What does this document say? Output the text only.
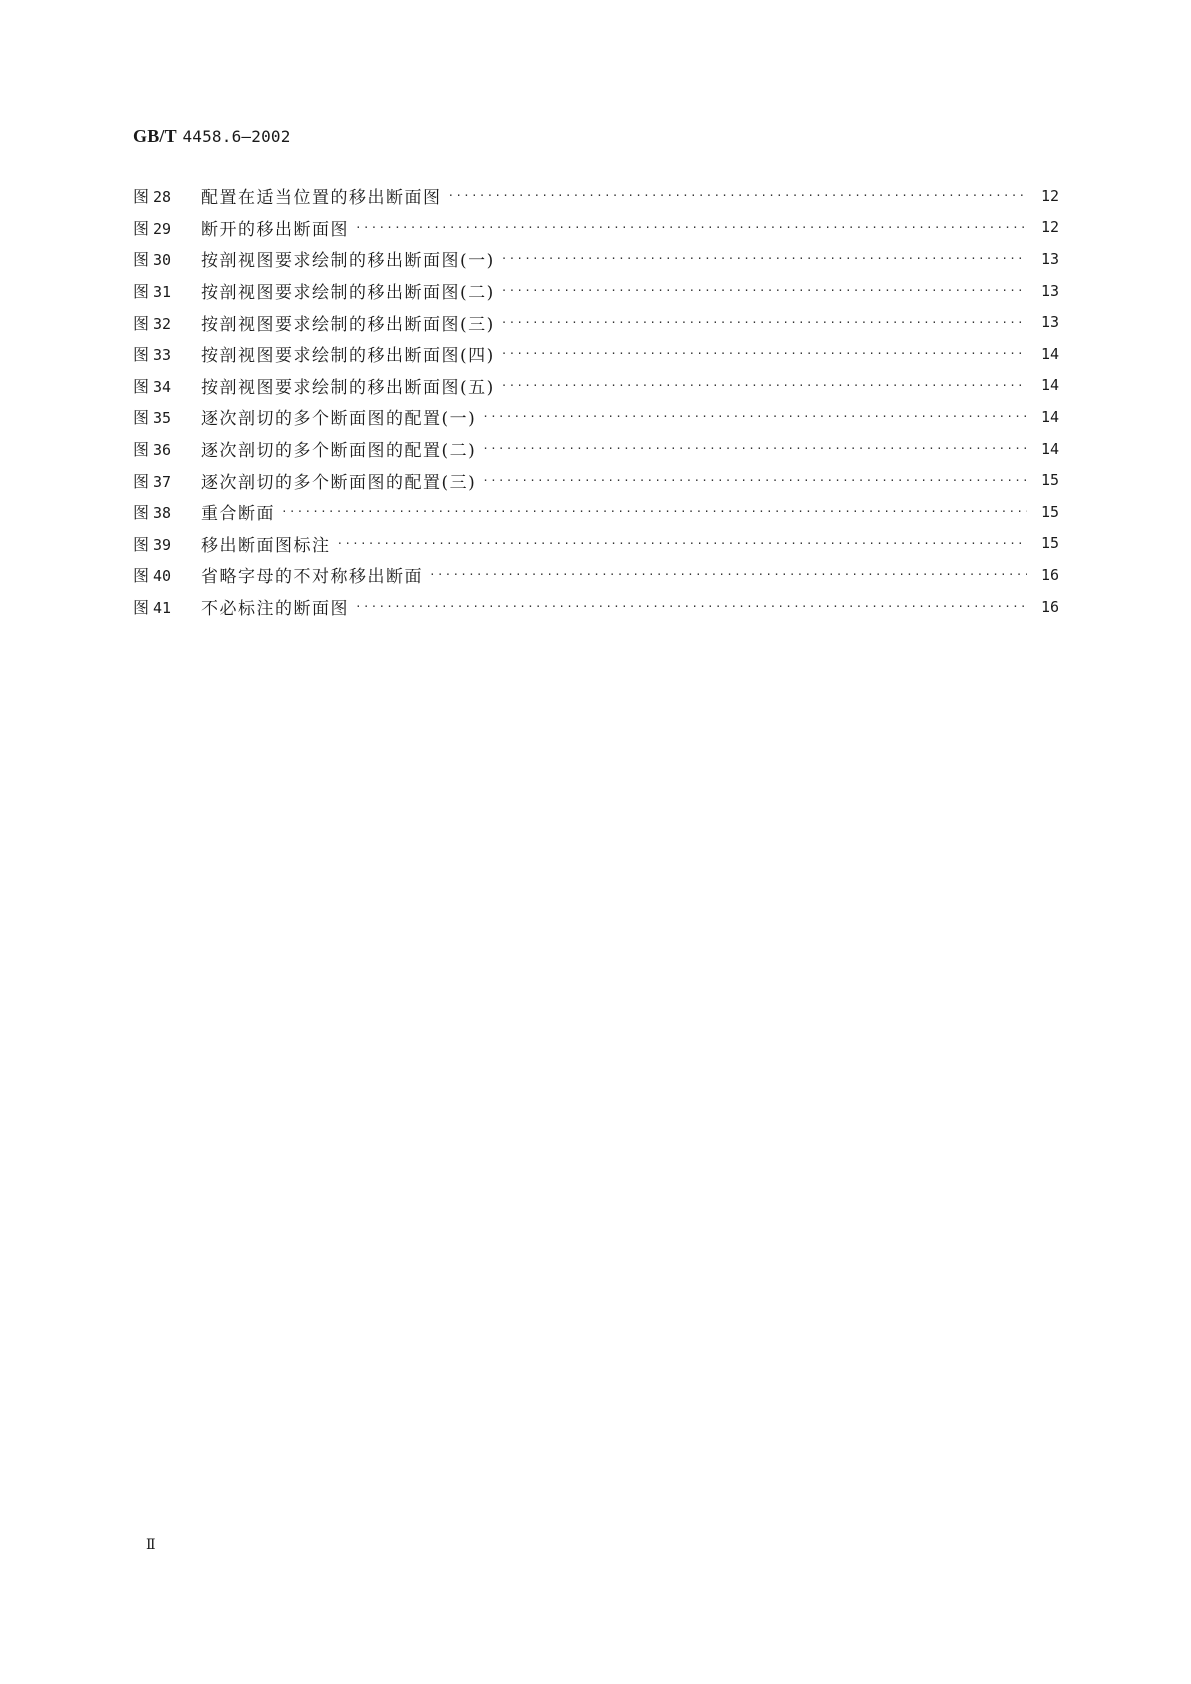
GB/T 4458.6—2002
图 28	配置在适当位置的移出断面图 ·····	12
图 29	断开的移出断面图 ·····	12
图 30	按剖视图要求绘制的移出断面图(一) ·····	13
图 31	按剖视图要求绘制的移出断面图(二) ·····	13
图 32	按剖视图要求绘制的移出断面图(三) ·····	13
图 33	按剖视图要求绘制的移出断面图(四) ·····	14
图 34	按剖视图要求绘制的移出断面图(五) ·····	14
图 35	逐次剖切的多个断面图的配置(一) ·····	14
图 36	逐次剖切的多个断面图的配置(二) ·····	14
图 37	逐次剖切的多个断面图的配置(三) ·····	15
图 38	重合断面 ·····	15
图 39	移出断面图标注 ·····	15
图 40	省略字母的不对称移出断面 ·····	16
图 41	不必标注的断面图 ·····	16
Ⅱ
